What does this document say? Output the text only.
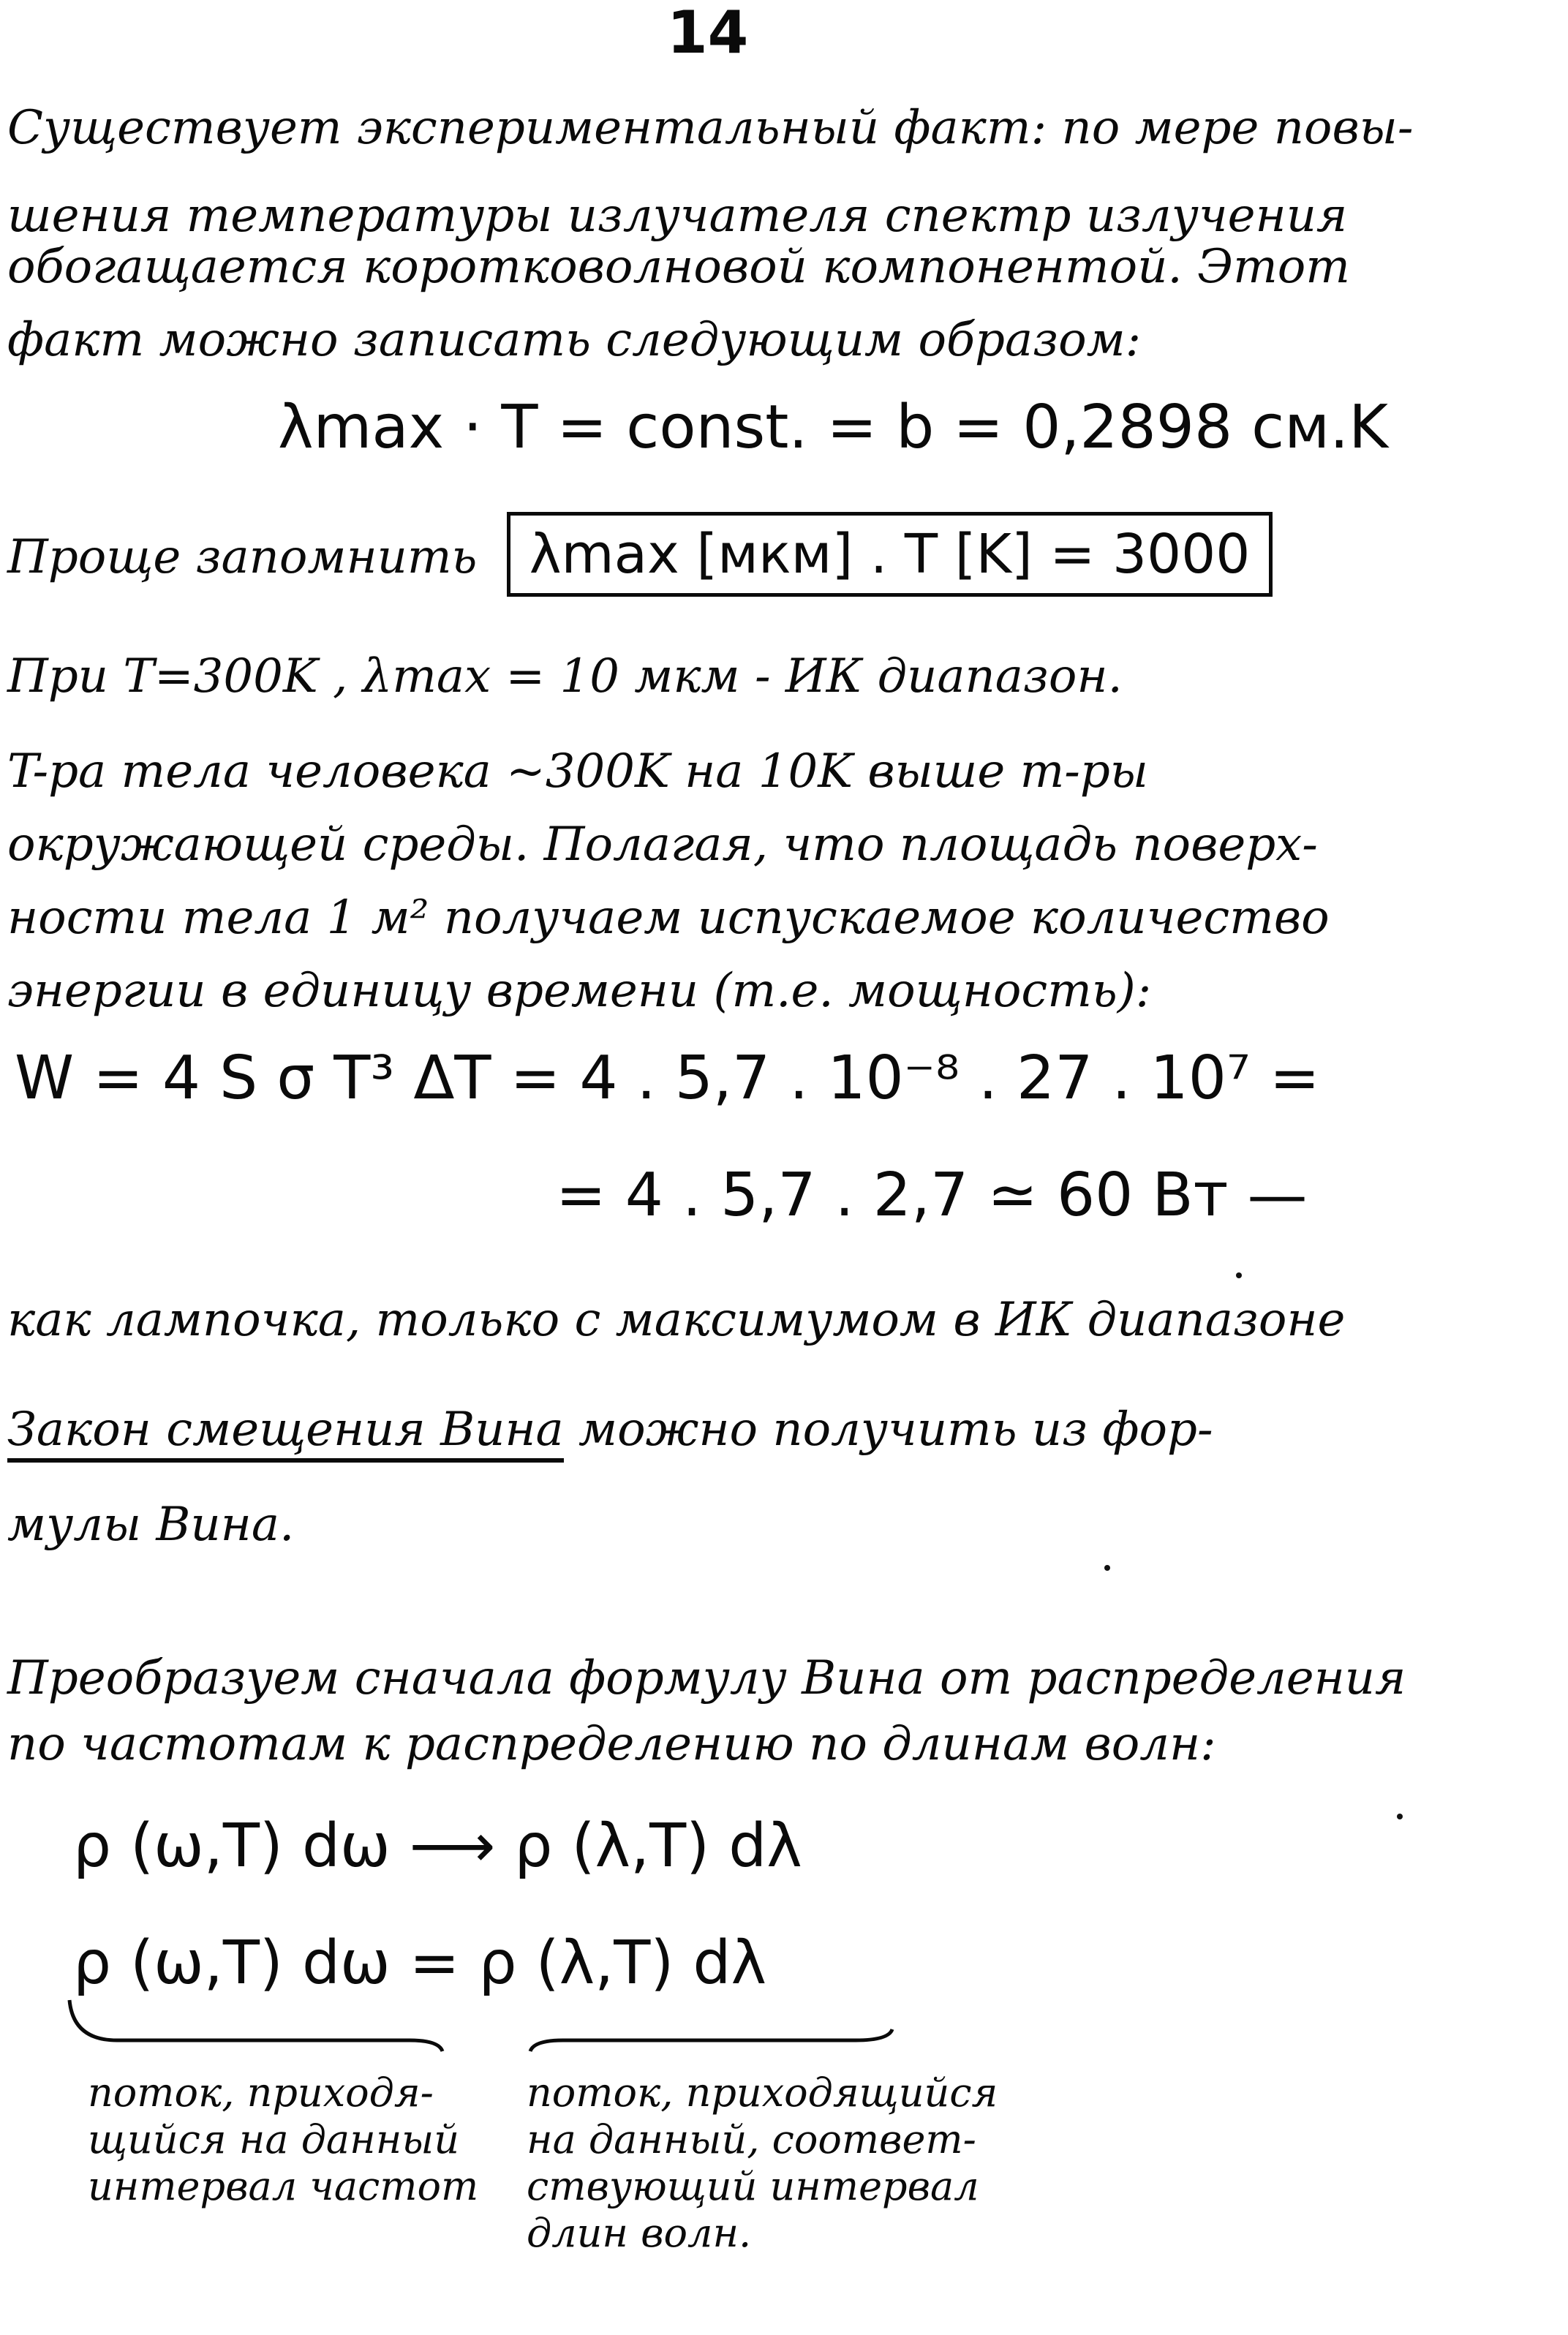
14
Существует экспериментальный факт: по мере повы-
шения температуры излучателя спектр излучения
обогащается коротковолновой компонентой. Этот
факт можно записать следующим образом:
λmax · T = const. = b = 0,2898 см.K
Проще запомнить λmax [мкм] . T [K] = 3000
При T=300K , λmax = 10 мкм - ИК диапазон.
T-ра тела человека ~300K на 10K выше т-ры
окружающей среды. Полагая, что площадь поверх-
ности тела 1 м² получаем испускаемое количество
энергии в единицу времени (т.е. мощность):
W = 4 S σ T³ ΔT = 4 . 5,7 . 10⁻⁸ . 27 . 10⁷ =
= 4 . 5,7 . 2,7 ≃ 60 Вт —
как лампочка, только с максимумом в ИК диапазоне
Закон смещения Вина можно получить из фор-
мулы Вина.
Преобразуем сначала формулу Вина от распределения
по частотам к распределению по длинам волн:
ρ (ω,T) dω ⟶ ρ (λ,T) dλ
ρ (ω,T) dω = ρ (λ,T) dλ
поток, приходя-
щийся на данный
интервал частот
поток, приходящийся
на данный, соответ-
ствующий интервал
длин волн.
